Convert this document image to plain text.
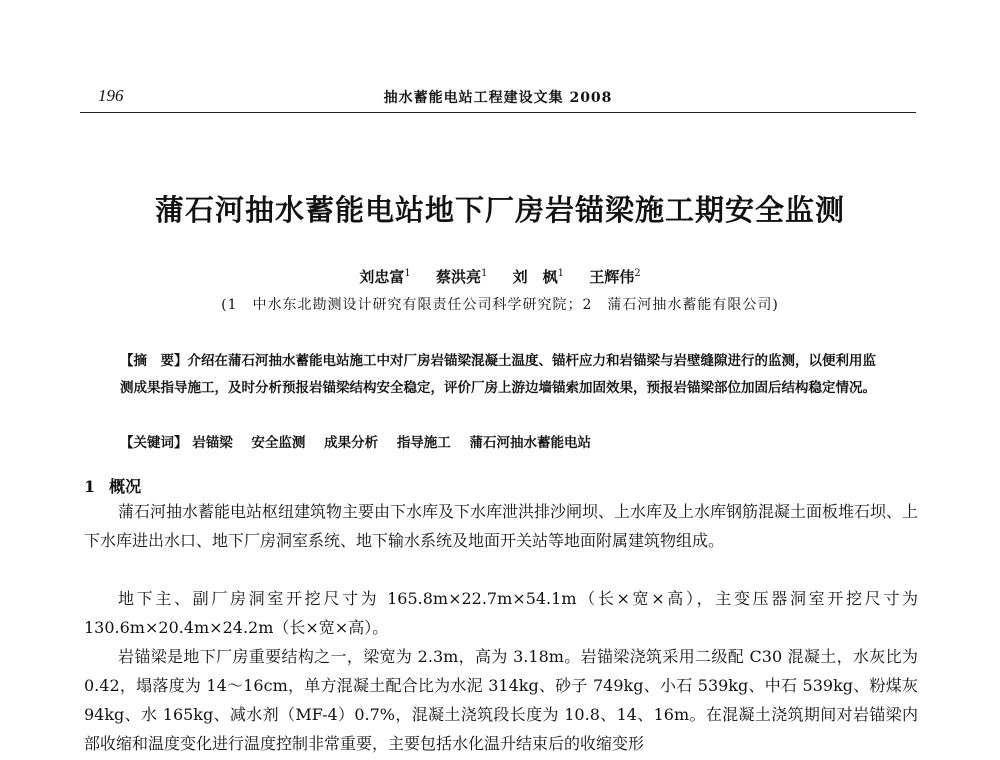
196	抽水蓄能电站工程建设文集 2008
蒲石河抽水蓄能电站地下厂房岩锚梁施工期安全监测
刘忠富$^1$ 蔡洪亮$^1$ 刘　枫$^1$ 王辉伟$^2$
(1　中水东北勘测设计研究有限责任公司科学研究院；2　蒲石河抽水蓄能有限公司)
【摘　要】介绍在蒲石河抽水蓄能电站施工中对厂房岩锚梁混凝土温度、锚杆应力和岩锚梁与岩壁缝隙进行的监测，以便利用监测成果指导施工，及时分析预报岩锚梁结构安全稳定，评价厂房上游边墙锚索加固效果，预报岩锚梁部位加固后结构稳定情况。
【关键词】 岩锚梁 安全监测 成果分析 指导施工 蒲石河抽水蓄能电站
1 概况

蒲石河抽水蓄能电站枢纽建筑物主要由下水库及下水库泄洪排沙闸坝、上水库及上水库钢筋混凝土面板堆石坝、上下水库进出水口、地下厂房洞室系统、地下输水系统及地面开关站等地面附属建筑物组成。

地下主、副厂房洞室开挖尺寸为 165.8m×22.7m×54.1m（长×宽×高），主变压器洞室开挖尺寸为 130.6m×20.4m×24.2m（长×宽×高）。

岩锚梁是地下厂房重要结构之一，梁宽为 2.3m，高为 3.18m。岩锚梁浇筑采用二级配 C30 混凝土，水灰比为 0.42，塌落度为 14～16cm，单方混凝土配合比为水泥 314kg、砂子 749kg、小石 539kg、中石 539kg、粉煤灰 94kg、水 165kg、减水剂（MF-4）0.7%，混凝土浇筑段长度为 10.8、14、16m。在混凝土浇筑期间对岩锚梁内部收缩和温度变化进行温度控制非常重要，主要包括水化温升结束后的收缩变形
